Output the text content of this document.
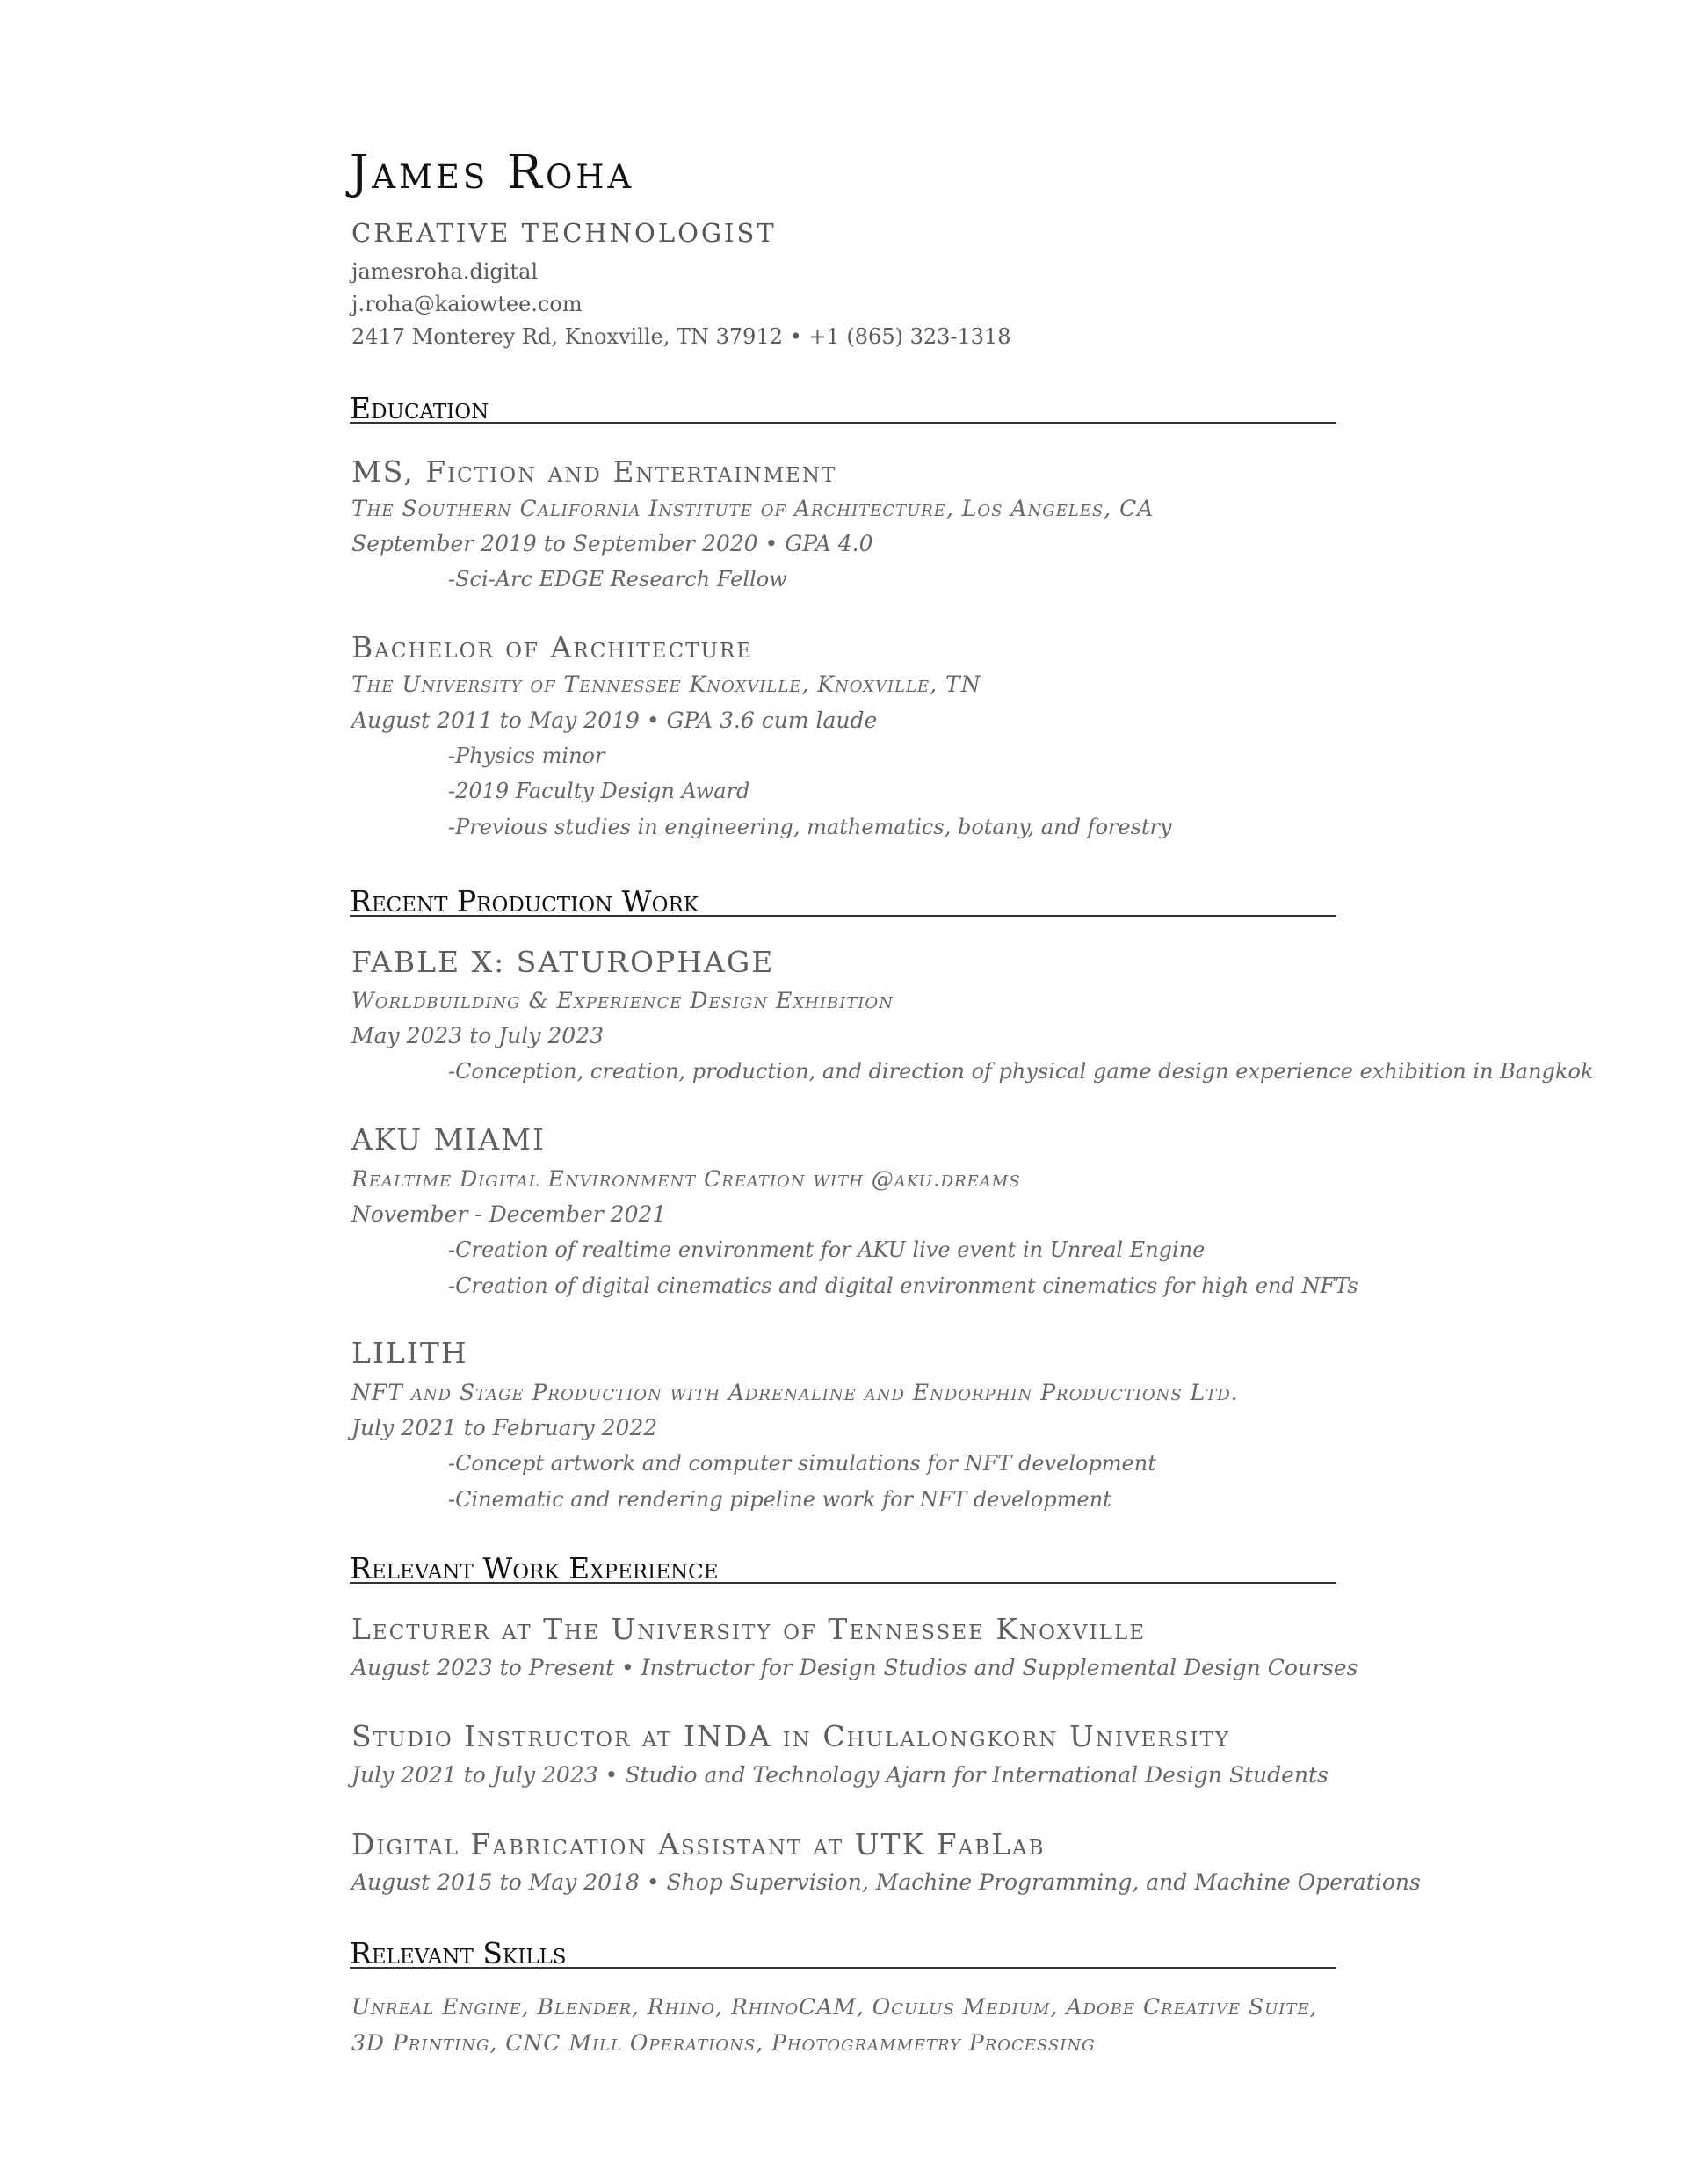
James Roha
CREATIVE TECHNOLOGIST
jamesroha.digital
j.roha@kaiowtee.com
2417 Monterey Rd, Knoxville, TN 37912 • +1 (865) 323-1318
Education
MS, Fiction and Entertainment
The Southern California Institute of Architecture, Los Angeles, CA
September 2019 to September 2020 • GPA 4.0
-Sci-Arc EDGE Research Fellow
Bachelor of Architecture
The University of Tennessee Knoxville, Knoxville, TN
August 2011 to May 2019 • GPA 3.6 cum laude
-Physics minor
-2019 Faculty Design Award
-Previous studies in engineering, mathematics, botany, and forestry
Recent Production Work
FABLE X: SATUROPHAGE
Worldbuilding & Experience Design Exhibition
May 2023 to July 2023
-Conception, creation, production, and direction of physical game design experience exhibition in Bangkok
AKU MIAMI
Realtime Digital Environment Creation with @aku.dreams
November - December 2021
-Creation of realtime environment for AKU live event in Unreal Engine
-Creation of digital cinematics and digital environment cinematics for high end NFTs
LILITH
NFT and Stage Production with Adrenaline and Endorphin Productions Ltd.
July 2021 to February 2022
-Concept artwork and computer simulations for NFT development
-Cinematic and rendering pipeline work for NFT development
Relevant Work Experience
Lecturer at The University of Tennessee Knoxville
August 2023 to Present • Instructor for Design Studios and Supplemental Design Courses
Studio Instructor at INDA in Chulalongkorn University
July 2021 to July 2023 • Studio and Technology Ajarn for International Design Students
Digital Fabrication Assistant at UTK FabLab
August 2015 to May 2018 • Shop Supervision, Machine Programming, and Machine Operations
Relevant Skills
Unreal Engine, Blender, Rhino, RhinoCAM, Oculus Medium, Adobe Creative Suite, 3D Printing, CNC Mill Operations, Photogrammetry Processing
